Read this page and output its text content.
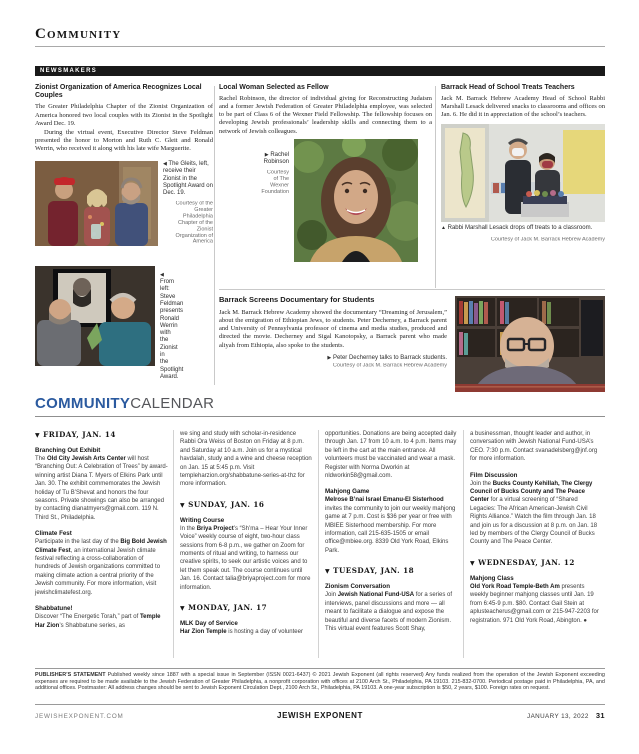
Community
NEWSMAKERS
Zionist Organization of America Recognizes Local Couples

The Greater Philadelphia Chapter of the Zionist Organization of America honored two local couples with its Zionist in the Spotlight Award Dec. 19.

During the virtual event, Executive Director Steve Feldman presented the honor to Morton and Ruth C. Gleit and Ronald Werrin, who received it along with his late wife Marguerite.

◀ The Gleits, left, receive their Zionist in the Spotlight Award on Dec. 19.
Courtesy of the Greater Philadelphia Chapter of the Zionist Organization of America
◀ From left: Steve Feldman presents Ronald Werrin with the Zionist in the Spotlight Award.
Local Woman Selected as Fellow

Rachel Robinson, the director of individual giving for Reconstructing Judaism and a former Jewish Federation of Greater Philadelphia employee, was selected to be part of Class 6 of the Wexner Field Fellowship. The fellowship focuses on developing Jewish professionals’ leadership skills and connecting them to a network of Jewish colleagues.

▶ Rachel Robinson
Courtesy of The Wexner Foundation
Barrack Head of School Treats Teachers

Jack M. Barrack Hebrew Academy Head of School Rabbi Marshall Lesack delivered snacks to classrooms and offices on Jan. 6. He did it in appreciation of the school’s teachers.

▲ Rabbi Marshall Lesack drops off treats to a classroom.
Courtesy of Jack M. Barrack Hebrew Academy
Barrack Screens Documentary for Students

Jack M. Barrack Hebrew Academy showed the documentary “Dreaming of Jerusalem,” about the emigration of Ethiopian Jews, to students. Peter Decherney, a Barrack parent and University of Pennsylvania professor of cinema and media studies, produced and directed the movie. Decherney and Sigal Kanotopsky, a Barrack parent who made aliyah from Ethiopia, also spoke to the students.

▶ Peter Decherney talks to Barrack students.
Courtesy of Jack M. Barrack Hebrew Academy
COMMUNITYCALENDAR
▼ FRIDAY, JAN. 14
Branching Out Exhibit
The Old City Jewish Arts Center will host “Branching Out: A Celebration of Trees” by award-winning artist Diana T. Myers of Elkins Park until Jan. 30. The exhibit commemorates the Jewish holiday of Tu B’Shevat and honors the four seasons. Private showings can also be arranged by contacting dianatmyers@gmail.com. 119 N. Third St., Philadelphia.
Climate Fest
Participate in the last day of the Big Bold Jewish Climate Fest, an international Jewish climate festival reflecting a cross-collaboration of hundreds of Jewish organizations committed to making climate action a central priority of the Jewish community. For more information, visit jewishclimatefest.org.
Shabbatune!
Discover “The Energetic Torah,” part of Temple Har Zion’s Shabbatune series, as
we sing and study with scholar-in-residence Rabbi Ora Weiss of Boston on Friday at 8 p.m. and Saturday at 10 a.m. Join us for a mystical havdalah, study and a wine and cheese reception on Jan. 15 at 5:45 p.m. Visit templeharzion.org/shabbatune-series-at-thz for more information.
▼ SUNDAY, JAN. 16
Writing Course
In the Briya Project’s “Sh’ma – Hear Your Inner Voice” weekly course of eight, two-hour class sessions from 6-8 p.m., we gather on Zoom for moments of ritual and writing, to harness our creative spirits, to seek our artistic voices and to let them speak out. The course continues until Jan. 16. Contact talia@briyaproject.com for more information.
▼ MONDAY, JAN. 17
MLK Day of Service
Har Zion Temple is hosting a day of volunteer
opportunities. Donations are being accepted daily through Jan. 17 from 10 a.m. to 4 p.m. Items may be left in the cart at the main entrance. All volunteers must be vaccinated and wear a mask. Register with Norma Dworkin at nldworkin58@gmail.com.
Mahjong Game
Melrose B’nai Israel Emanu-El Sisterhood invites the community to join our weekly mahjong game at 7 p.m. Cost is $36 per year or free with MBIEE Sisterhood membership. For more information, call 215-635-1505 or email office@mbiee.org. 8339 Old York Road, Elkins Park.
▼ TUESDAY, JAN. 18
Zionism Conversation
Join Jewish National Fund-USA for a series of interviews, panel discussions and more — all meant to facilitate a dialogue and expose the beautiful and diverse facets of modern Zionism. This virtual event features Scott Shay,
a businessman, thought leader and author, in conversation with Jewish National Fund-USA’s CEO. 7:30 p.m. Contact svanadelsberg@jnf.org for more information.
Film Discussion
Join the Bucks County Kehillah, The Clergy Council of Bucks County and The Peace Center for a virtual screening of “Shared Legacies: The African American-Jewish Civil Rights Alliance.” Watch the film through Jan. 18 and join us for a discussion at 8 p.m. on Jan. 18 led by members of the Clergy Council of Bucks County and The Peace Center.
▼ WEDNESDAY, JAN. 12
Mahjong Class
Old York Road Temple-Beth Am presents weekly beginner mahjong classes until Jan. 19 from 6:45-9 p.m. $80. Contact Gail Stein at aplusteacherus@gmail.com or 215-947-2203 for registration. 971 Old York Road, Abington. ●
PUBLISHER’S STATEMENT Published weekly since 1887 with a special issue in September (ISSN 0021-6437) © 2021 Jewish Exponent (all rights reserved) Any funds realized from the operation of the Jewish Exponent exceeding expenses are required to be made available to the Jewish Federation of Greater Philadelphia, a nonprofit corporation with offices at 2100 Arch St., Philadelphia, PA 19103. 215-832-0700. Periodical postage paid in Philadelphia, PA, and additional offices. Postmaster: All address changes should be sent to Jewish Exponent Circulation Dept., 2100 Arch St., Philadelphia, PA 19103. A one-year subscription is $50, 2 years, $100. Foreign rates on request.
JEWISHEXPONENT.COM	JEWISH EXPONENT	JANUARY 13, 2022 31
